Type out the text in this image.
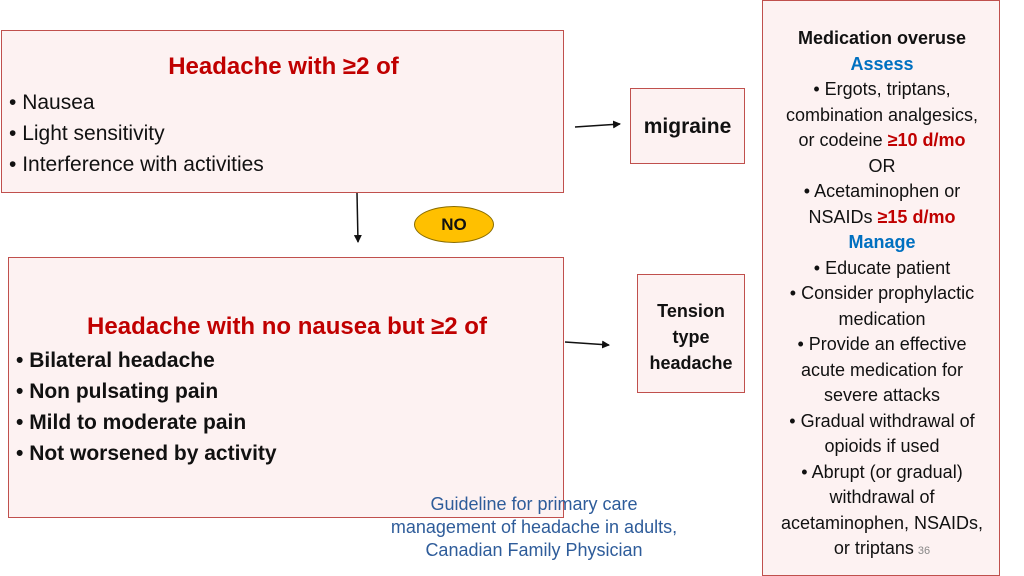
Headache with ≥2 of
• Nausea
• Light sensitivity
• Interference with activities
migraine
NO
Headache with no nausea but ≥2 of
• Bilateral headache
• Non pulsating pain
• Mild to moderate pain
• Not worsened by activity
Tension
type
headache
Medication overuse
Assess
• Ergots, triptans,
combination analgesics,
or codeine ≥10 d/mo
OR
• Acetaminophen or
NSAIDs ≥15 d/mo
Manage
• Educate patient
• Consider prophylactic
medication
• Provide an effective
acute medication for
severe attacks
• Gradual withdrawal of
opioids if used
• Abrupt (or gradual)
withdrawal of
acetaminophen, NSAIDs,
or triptans 36
Guideline for primary care
management of headache in adults,
Canadian Family Physician
